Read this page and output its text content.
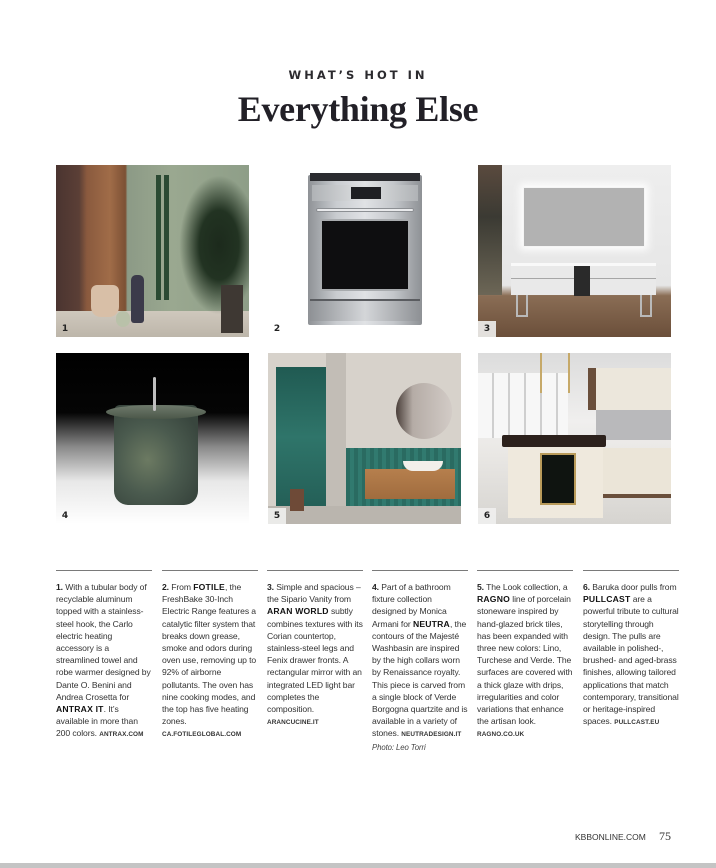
WHAT’S HOT IN
Everything Else
1	2	3
4	5	6
1. With a tubular body of recyclable aluminum topped with a stainless-steel hook, the Carlo electric heating accessory is a streamlined towel and robe warmer designed by Dante O. Benini and Andrea Crosetta for ANTRAX IT. It’s available in more than 200 colors. ANTRAX.COM
2. From FOTILE, the FreshBake 30-Inch Electric Range features a catalytic filter system that breaks down grease, smoke and odors during oven use, removing up to 92% of airborne pollutants. The oven has nine cooking modes, and the top has five heating zones. CA.FOTILEGLOBAL.COM
3. Simple and spacious – the Sipario Vanity from ARAN WORLD subtly combines textures with its Corian countertop, stainless-steel legs and Fenix drawer fronts. A rectangular mirror with an integrated LED light bar completes the composition. ARANCUCINE.IT
4. Part of a bathroom fixture collection designed by Monica Armani for NEUTRA, the contours of the Majesté Washbasin are inspired by the high collars worn by Renaissance royalty. This piece is carved from a single block of Verde Borgogna quartzite and is available in a variety of stones. NEUTRADESIGN.IT
Photo: Leo Torri
5. The Look collection, a RAGNO line of porcelain stoneware inspired by hand-glazed brick tiles, has been expanded with three new colors: Lino, Turchese and Verde. The surfaces are covered with a thick glaze with drips, irregularities and color variations that enhance the artisan look. RAGNO.CO.UK
6. Baruka door pulls from PULLCAST are a powerful tribute to cultural storytelling through design. The pulls are available in polished-, brushed- and aged-brass finishes, allowing tailored applications that match contemporary, transitional or heritage-inspired spaces. PULLCAST.EU
KBBONLINE.COM 75
